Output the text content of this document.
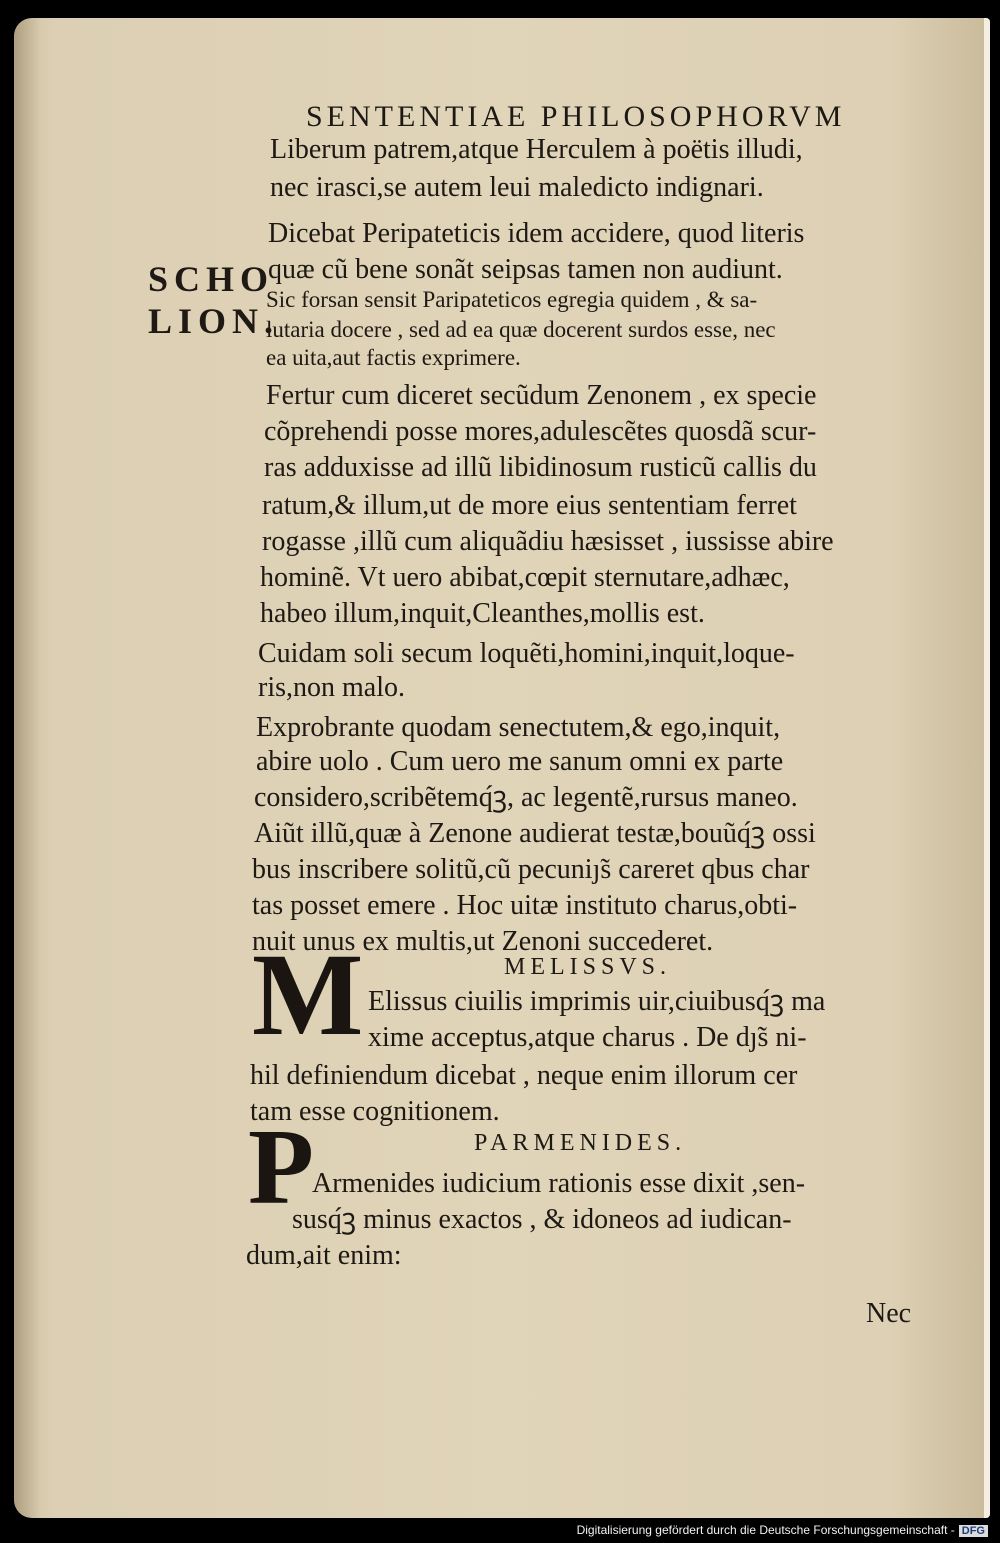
SENTENTIAE PHILOSOPHORVM
Liberum patrem,atque Herculem à poëtis illudi,
nec irasci,se autem leui maledicto indignari.
Dicebat Peripateticis idem accidere, quod literis
quæ cũ bene sonãt seipsas tamen non audiunt.
Sic forsan sensit Paripateticos egregia quidem , & sa-
lutaria docere , sed ad ea quæ docerent surdos esse, nec
ea uita,aut factis exprimere.
Fertur cum diceret secũdum Zenonem , ex specie
cõprehendi posse mores,adulescẽtes quosdã scur-
ras adduxisse ad illũ libidinosum rusticũ callis du
ratum,& illum,ut de more eius sententiam ferret
rogasse ,illũ cum aliquãdiu hæsisset , iussisse abire
hominẽ. Vt uero abibat,cœpit sternutare,adhæc,
habeo illum,inquit,Cleanthes,mollis est.
Cuidam soli secum loquẽti,homini,inquit,loque-
ris,non malo.
Exprobrante quodam senectutem,& ego,inquit,
abire uolo . Cum uero me sanum omni ex parte
considero,scribẽtemq́ꝫ, ac legentẽ,rursus maneo.
Aiũt illũ,quæ à Zenone audierat testæ,bouũq́ꝫ ossi
bus inscribere solitũ,cũ pecuniȷ̃s careret qbus char
tas posset emere . Hoc uitæ instituto charus,obti-
nuit unus ex multis,ut Zenoni succederet.
SCHO
LION.
MELISSVS.
M Elissus ciuilis imprimis uir,ciuibusq́ꝫ ma
xime acceptus,atque charus . De dȷ̃s ni-
hil definiendum dicebat , neque enim illorum cer
tam esse cognitionem.
PARMENIDES.
P
Armenides iudicium rationis esse dixit ,sen-
susq́ꝫ minus exactos , & idoneos ad iudican-
dum,ait enim:
Nec
Digitalisierung gefördert durch die Deutsche Forschungsgemeinschaft - DFG
